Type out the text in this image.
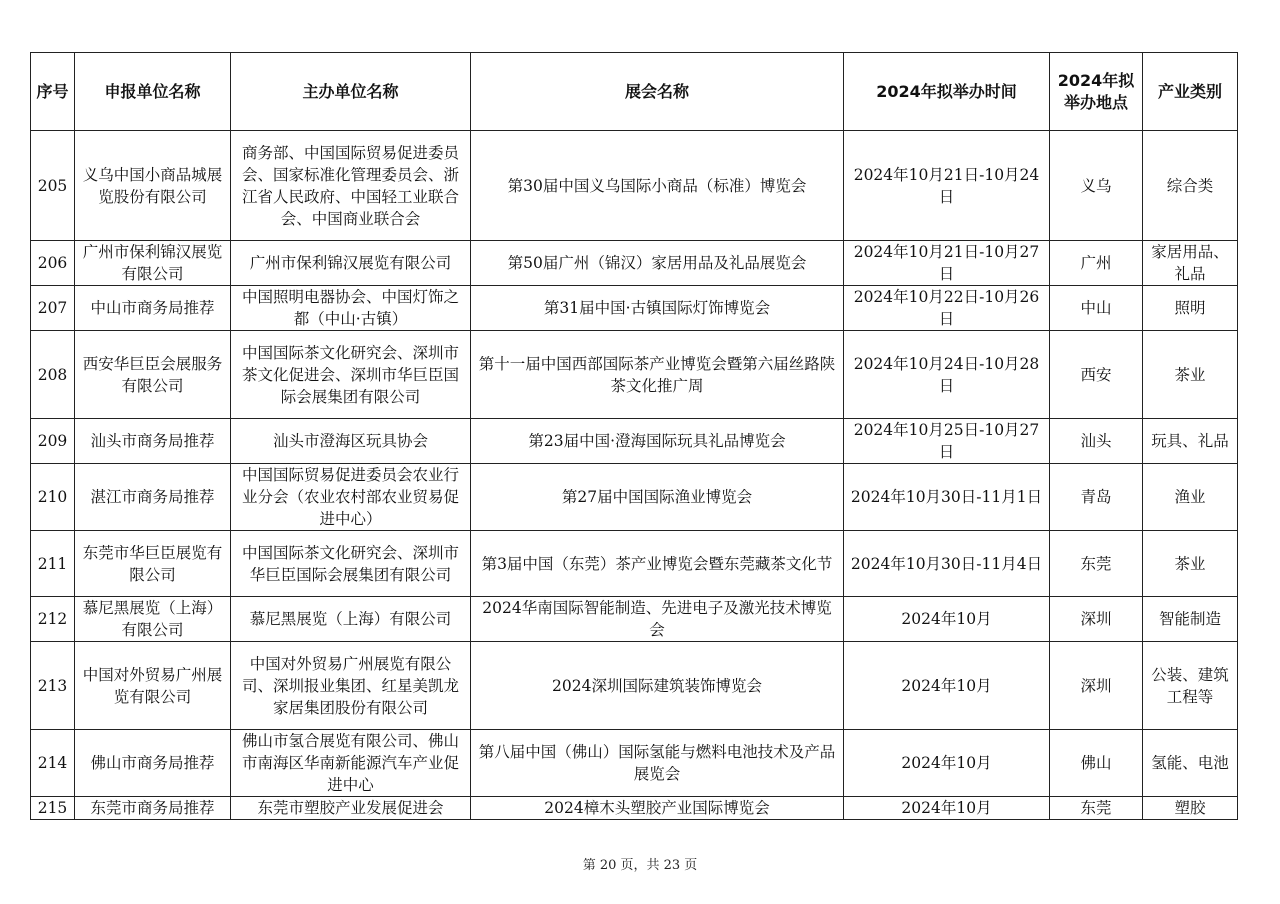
序号	申报单位名称	主办单位名称	展会名称	2024年拟举办时间	2024年拟举办地点	产业类别
205	义乌中国小商品城展览股份有限公司	商务部、中国国际贸易促进委员会、国家标准化管理委员会、浙江省人民政府、中国轻工业联合会、中国商业联合会	第30届中国义乌国际小商品（标准）博览会	2024年10月21日-10月24日	义乌	综合类
206	广州市保利锦汉展览有限公司	广州市保利锦汉展览有限公司	第50届广州（锦汉）家居用品及礼品展览会	2024年10月21日-10月27日	广州	家居用品、礼品
207	中山市商务局推荐	中国照明电器协会、中国灯饰之都（中山·古镇）	第31届中国·古镇国际灯饰博览会	2024年10月22日-10月26日	中山	照明
208	西安华巨臣会展服务有限公司	中国国际茶文化研究会、深圳市茶文化促进会、深圳市华巨臣国际会展集团有限公司	第十一届中国西部国际茶产业博览会暨第六届丝路陕茶文化推广周	2024年10月24日-10月28日	西安	茶业
209	汕头市商务局推荐	汕头市澄海区玩具协会	第23届中国·澄海国际玩具礼品博览会	2024年10月25日-10月27日	汕头	玩具、礼品
210	湛江市商务局推荐	中国国际贸易促进委员会农业行业分会（农业农村部农业贸易促进中心）	第27届中国国际渔业博览会	2024年10月30日-11月1日	青岛	渔业
211	东莞市华巨臣展览有限公司	中国国际茶文化研究会、深圳市华巨臣国际会展集团有限公司	第3届中国（东莞）茶产业博览会暨东莞藏茶文化节	2024年10月30日-11月4日	东莞	茶业
212	慕尼黑展览（上海）有限公司	慕尼黑展览（上海）有限公司	2024华南国际智能制造、先进电子及激光技术博览会	2024年10月	深圳	智能制造
213	中国对外贸易广州展览有限公司	中国对外贸易广州展览有限公司、深圳报业集团、红星美凯龙家居集团股份有限公司	2024深圳国际建筑装饰博览会	2024年10月	深圳	公装、建筑工程等
214	佛山市商务局推荐	佛山市氢合展览有限公司、佛山市南海区华南新能源汽车产业促进中心	第八届中国（佛山）国际氢能与燃料电池技术及产品展览会	2024年10月	佛山	氢能、电池
215	东莞市商务局推荐	东莞市塑胶产业发展促进会	2024樟木头塑胶产业国际博览会	2024年10月	东莞	塑胶
第 20 页，共 23 页
